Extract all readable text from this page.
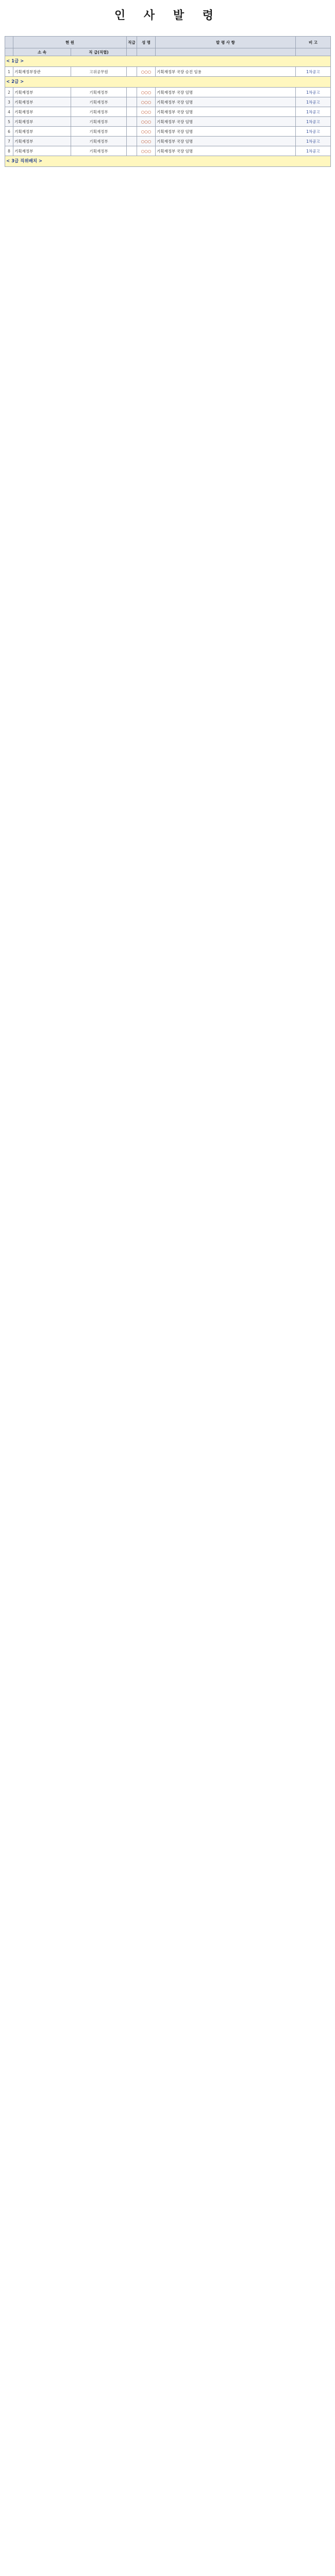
인 사 발 령
	현 원		직급	성 명	발 령 사 항	비 고
	소 속	직 급(직렬)				
< 1급 >						
1	기획재정부장관	고위공무원		○○○	기획재정부 국장 승진 임용	1차공고
< 2급 >						
2	기획재정부	기획재정부		○○○	기획재정부 국장 임명	1차공고
3	기획재정부	기획재정부		○○○	기획재정부 국장 임명	1차공고
4	기획재정부	기획재정부		○○○	기획재정부 국장 임명	1차공고
5	기획재정부	기획재정부		○○○	기획재정부 국장 임명	1차공고
6	기획재정부	기획재정부		○○○	기획재정부 국장 임명	1차공고
7	기획재정부	기획재정부		○○○	기획재정부 국장 임명	1차공고
8	기획재정부	기획재정부		○○○	기획재정부 국장 임명	1차공고
< 3급 직위배치 >						
